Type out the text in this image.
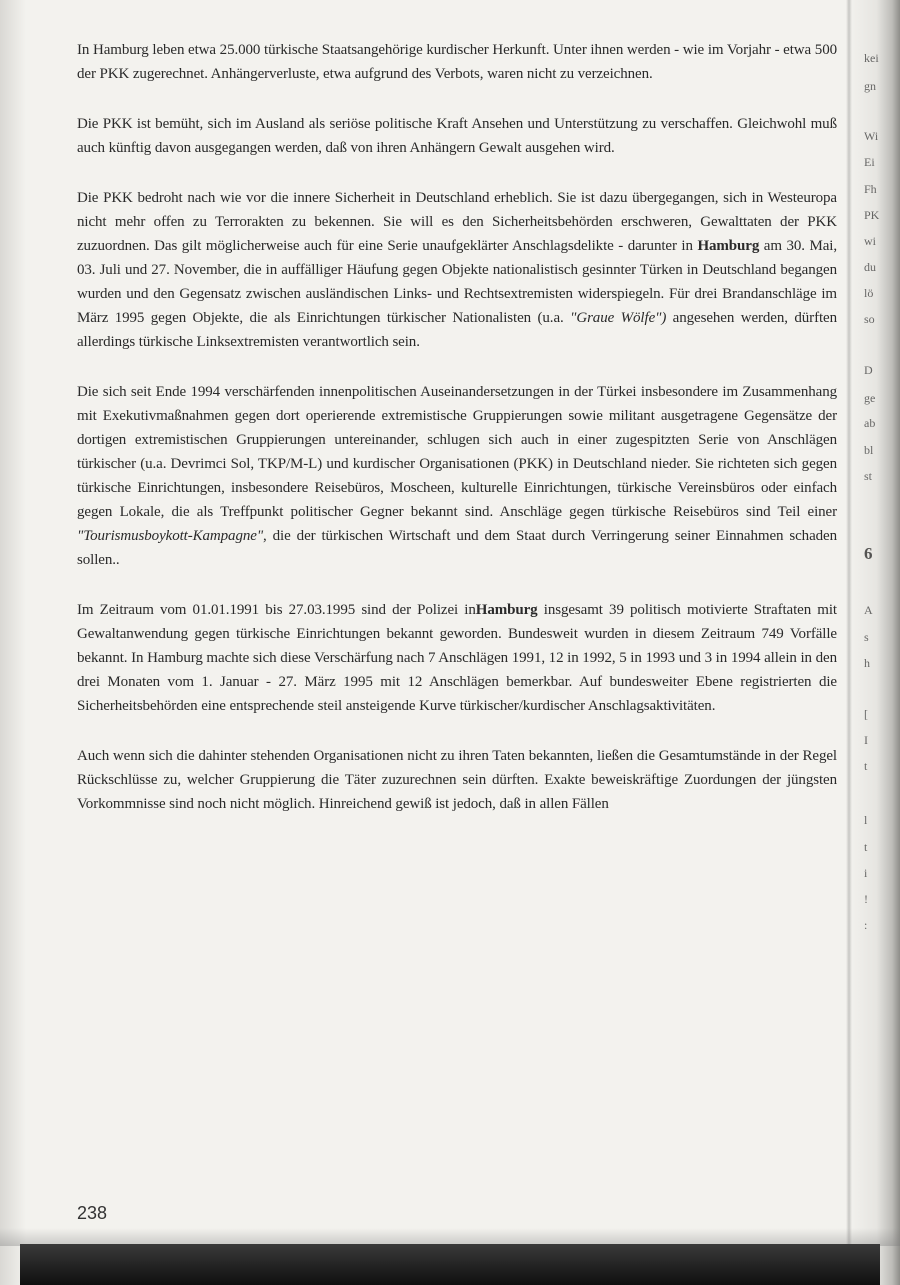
In Hamburg leben etwa 25.000 türkische Staatsangehörige kurdischer Herkunft. Unter ihnen werden - wie im Vorjahr - etwa 500 der PKK zugerechnet. Anhängerverluste, etwa aufgrund des Verbots, waren nicht zu verzeichnen.

Die PKK ist bemüht, sich im Ausland als seriöse politische Kraft Ansehen und Unterstützung zu verschaffen. Gleichwohl muß auch künftig davon ausgegangen werden, daß von ihren Anhängern Gewalt ausgehen wird.

Die PKK bedroht nach wie vor die innere Sicherheit in Deutschland erheblich. Sie ist dazu übergegangen, sich in Westeuropa nicht mehr offen zu Terrorakten zu bekennen. Sie will es den Sicherheitsbehörden erschweren, Gewalttaten der PKK zuzuordnen. Das gilt möglicherweise auch für eine Serie unaufgeklärter Anschlagsdelikte - darunter in Hamburg am 30. Mai, 03. Juli und 27. November, die in auffälliger Häufung gegen Objekte nationalistisch gesinnter Türken in Deutschland begangen wurden und den Gegensatz zwischen ausländischen Links- und Rechtsextremisten widerspiegeln. Für drei Brandanschläge im März 1995 gegen Objekte, die als Einrichtungen türkischer Nationalisten (u.a. "Graue Wölfe") angesehen werden, dürften allerdings türkische Linksextremisten verantwortlich sein.

Die sich seit Ende 1994 verschärfenden innenpolitischen Auseinandersetzungen in der Türkei insbesondere im Zusammenhang mit Exekutivmaßnahmen gegen dort operierende extremistische Gruppierungen sowie militant ausgetragene Gegensätze der dortigen extremistischen Gruppierungen untereinander, schlugen sich auch in einer zugespitzten Serie von Anschlägen türkischer (u.a. Devrimci Sol, TKP/M-L) und kurdischer Organisationen (PKK) in Deutschland nieder. Sie richteten sich gegen türkische Einrichtungen, insbesondere Reisebüros, Moscheen, kulturelle Einrichtungen, türkische Vereinsbüros oder einfach gegen Lokale, die als Treffpunkt politischer Gegner bekannt sind. Anschläge gegen türkische Reisebüros sind Teil einer "Tourismusboykott-Kampagne", die der türkischen Wirtschaft und dem Staat durch Verringerung seiner Einnahmen schaden sollen..

Im Zeitraum vom 01.01.1991 bis 27.03.1995 sind der Polizei inHamburg insgesamt 39 politisch motivierte Straftaten mit Gewaltanwendung gegen türkische Einrichtungen bekannt geworden. Bundesweit wurden in diesem Zeitraum 749 Vorfälle bekannt. In Hamburg machte sich diese Verschärfung nach 7 Anschlägen 1991, 12 in 1992, 5 in 1993 und 3 in 1994 allein in den drei Monaten vom 1. Januar - 27. März 1995 mit 12 Anschlägen bemerkbar. Auf bundesweiter Ebene registrierten die Sicherheitsbehörden eine entsprechende steil ansteigende Kurve türkischer/kurdischer Anschlagsaktivitäten.

Auch wenn sich die dahinter stehenden Organisationen nicht zu ihren Taten bekannten, ließen die Gesamtumstände in der Regel Rückschlüsse zu, welcher Gruppierung die Täter zuzurechnen sein dürften. Exakte beweiskräftige Zuordungen der jüngsten Vorkommnisse sind noch nicht möglich. Hinreichend gewiß ist jedoch, daß in allen Fällen

238
kei
gn
Wi
Ei
Fh
PK
wi
du
lö
so
D
ge
ab
bl
st
6
A
s
h
[
I
t
l
t
i
!
:
